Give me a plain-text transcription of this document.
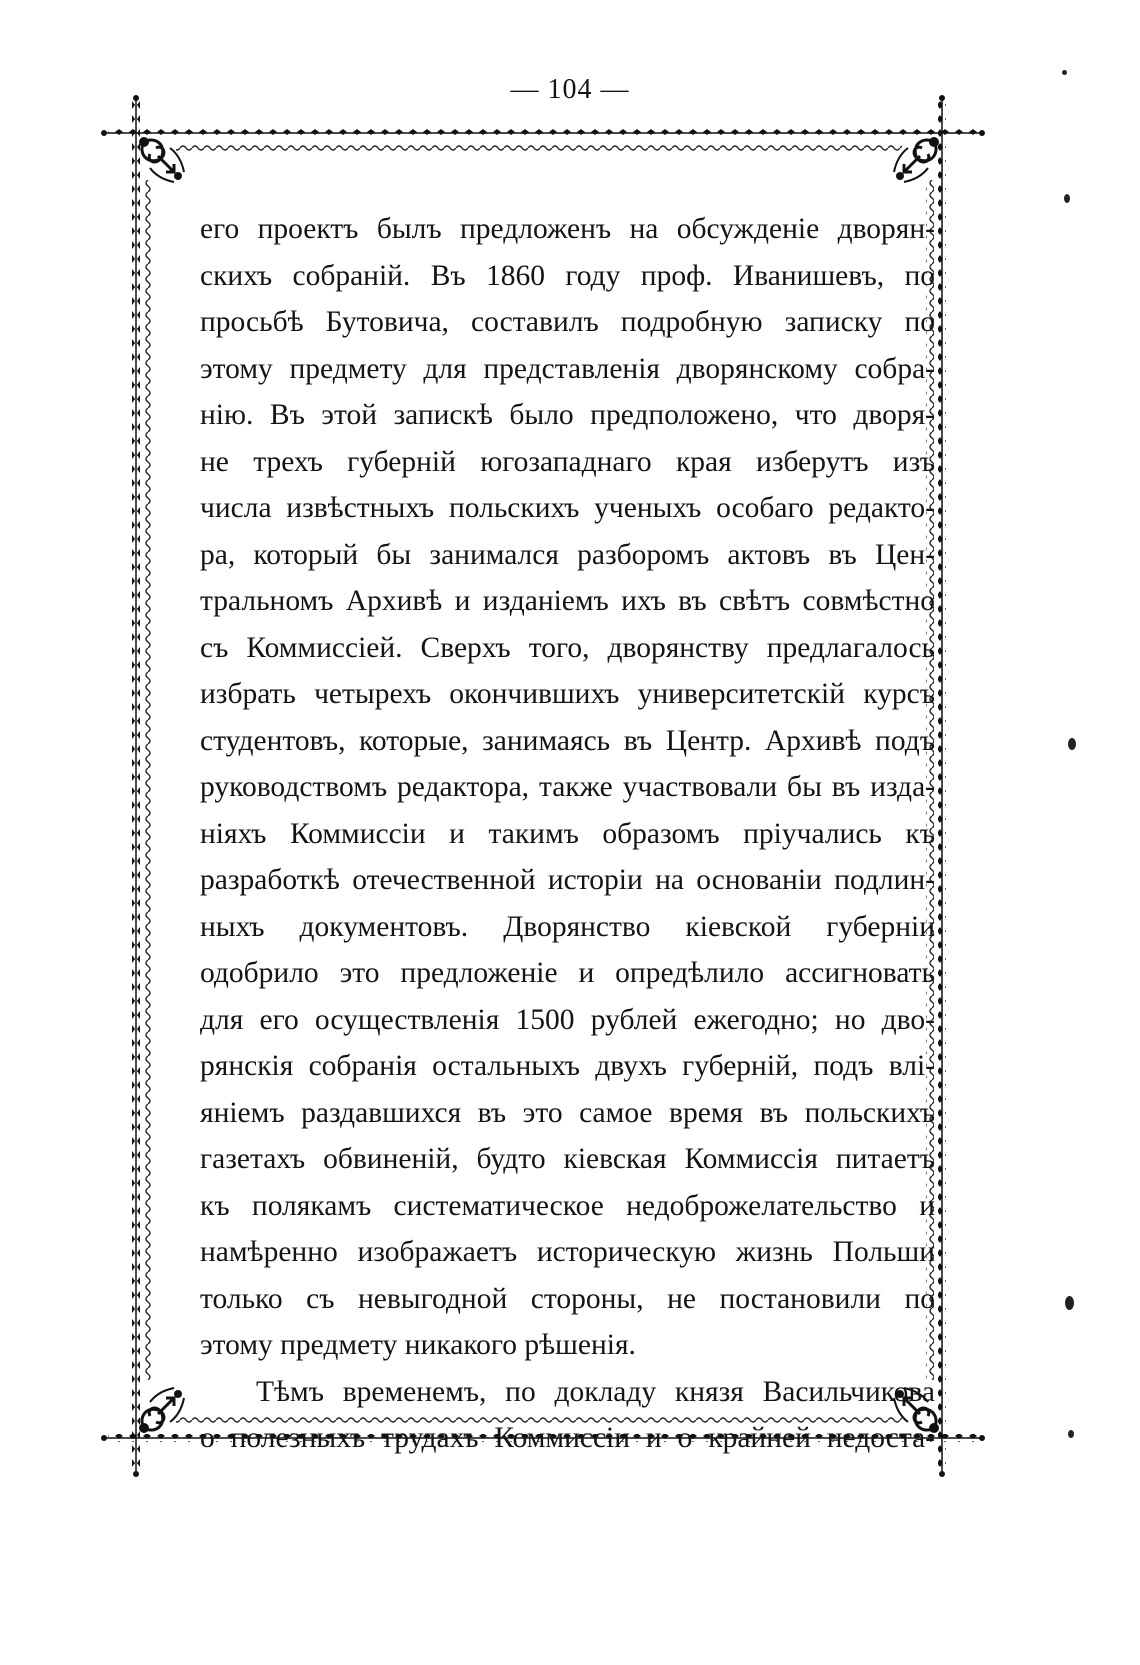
— 104 —
его проектъ былъ предложенъ на обсужденіе дворян-
скихъ собраній. Въ 1860 году проф. Иванишевъ, по
просьбѣ Бутовича, составилъ подробную записку по
этому предмету для представленія дворянскому собра-
нію. Въ этой запискѣ было предположено, что дворя-
не трехъ губерній югозападнаго края изберутъ изъ
числа извѣстныхъ польскихъ ученыхъ особаго редакто-
ра, который бы занимался разборомъ актовъ въ Цен-
тральномъ Архивѣ и изданіемъ ихъ въ свѣтъ совмѣстно
съ Коммиссіей. Сверхъ того, дворянству предлагалось
избрать четырехъ окончившихъ университетскій курсъ
студентовъ, которые, занимаясь въ Центр. Архивѣ подъ
руководствомъ редактора, также участвовали бы въ изда-
ніяхъ Коммиссіи и такимъ образомъ пріучались къ
разработкѣ отечественной исторіи на основаніи подлин-
ныхъ документовъ. Дворянство кіевской губерніи
одобрило это предложеніе и опредѣлило ассигновать
для его осуществленія 1500 рублей ежегодно; но дво-
рянскія собранія остальныхъ двухъ губерній, подъ влі-
яніемъ раздавшихся въ это самое время въ польскихъ
газетахъ обвиненій, будто кіевская Коммиссія питаетъ
къ полякамъ систематическое недоброжелательство и
намѣренно изображаетъ историческую жизнь Польши
только съ невыгодной стороны, не постановили по
этому предмету никакого рѣшенія.
Тѣмъ временемъ, по докладу князя Васильчикова
о полезныхъ трудахъ Коммиссіи и о крайней недоста-
